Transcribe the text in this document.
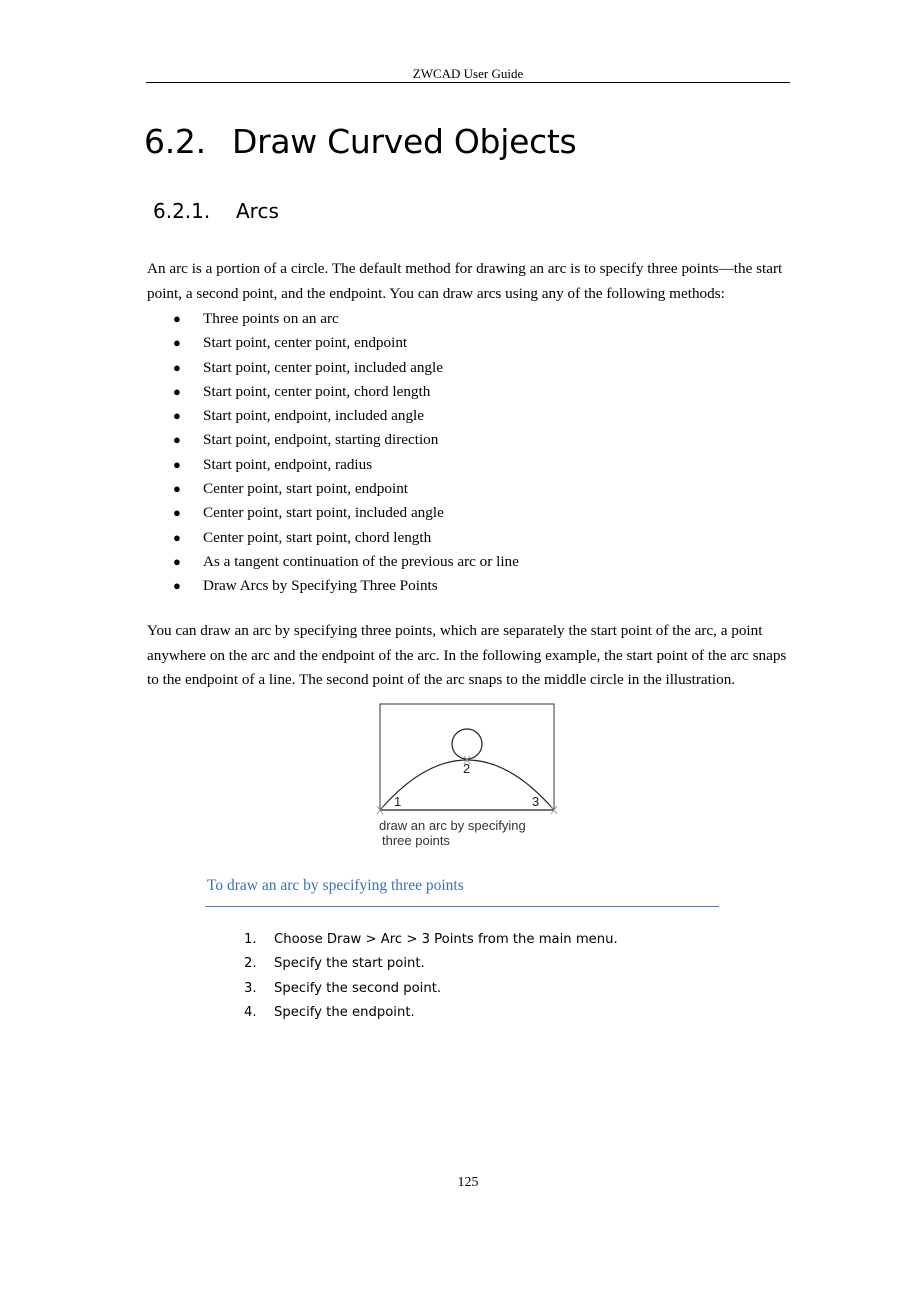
ZWCAD User Guide
6.2. Draw Curved Objects
6.2.1. Arcs

An arc is a portion of a circle. The default method for drawing an arc is to specify three points—the start point, a second point, and the endpoint. You can draw arcs using any of the following methods:

● Three points on an arc
● Start point, center point, endpoint
● Start point, center point, included angle
● Start point, center point, chord length
● Start point, endpoint, included angle
● Start point, endpoint, starting direction
● Start point, endpoint, radius
● Center point, start point, endpoint
● Center point, start point, included angle
● Center point, start point, chord length
● As a tangent continuation of the previous arc or line
● Draw Arcs by Specifying Three Points

You can draw an arc by specifying three points, which are separately the start point of the arc, a point anywhere on the arc and the endpoint of the arc. In the following example, the start point of the arc snaps to the endpoint of a line. The second point of the arc snaps to the middle circle in the illustration.

1
2
3
draw an arc by specifying
three points
To draw an arc by specifying three points
1. Choose Draw > Arc > 3 Points from the main menu.
2. Specify the start point.
3. Specify the second point.
4. Specify the endpoint.
125
